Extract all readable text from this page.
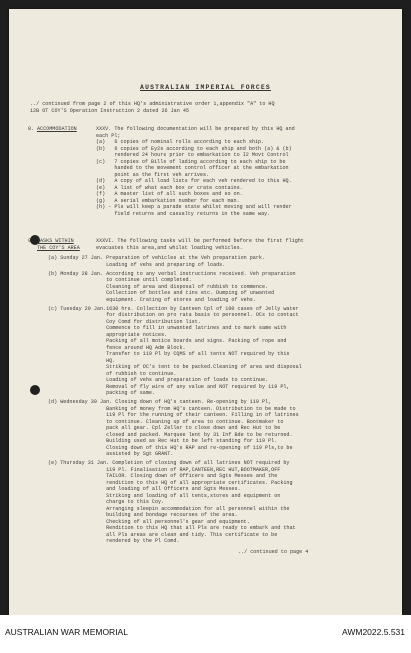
AUSTRALIAN IMPERIAL FORCES
../ continued from page 2 of this HQ's administrative order 1,appendix "A" to HQ
12B OT COY'S Operation Instruction 2 dated 26 Jan 45
8. ACCOMMODATION	XXXV. The following documentation will be prepared by this HQ and
each Pl;
(a)   6 copies of nominal rolls according to each ship.
(b)   6 copies of Ey2s according to each ship and both (a) & (b)
rendered 24 hours prior to embarkation to I2 Movt Control
(c)   7 copies of Bills of lading according to each ship to be
handed to the movement control officer at the embarkation
point as the first veh arrives.
(d)   A copy of all load lists for each veh rendered to this HQ.
(e)   A list of what each box or crate contains.
(f)   A master list of all such boxes and so on.
(g)   A serial embarkation number for each man.
(h) - Pls will keep a parade state whilst moving and will render
field returns and casualty returns in the same way.
9. TASKS WITHIN
THE COY'S AREA
XXXVI. The following tasks will be performed before the first flight
evacuates this area,and whilst loading vehicles.
(a) Sunday 27 Jan. Preparation of vehicles at the Veh preparation park.
Loading of vehs and preparing of loads.
(b) Monday 28 Jan. According to any verbal instructions received. Veh preparation
to continue until completed.
Cleaning of area and disposal of rubbish to commence.
Collection of bottles and tins etc. Dumping of unwanted
equipment. Crating of stores and loading of vehs.
(c) Tuesday 29 Jan.1630 hrs. Collection by Canteen Cpl of 100 cases of Jelly water
for distribution on pro rata basis to personnel. OCs to contact
Coy Comd for distribution list.
Commence to fill in unwanted latrines and to mark same with
appropriate notices.
Packing of all motice boards and signs. Packing of rope and
fence around HQ Adm Block.
Transfer to 119 Pl by CQMS of all tents NOT required by this
HQ.
Striking of OC's tent to be packed.Cleaning of area and disposal
of rubbish to continue.
Loading of vehs and preparation of loads to continue.
Removal of fly wire of any value and NOT required by 119 Pl,
packing of same.
(d) Wednesday 30 Jan. Closing down of HQ's canteen. Re-opening by 119 Pl,
Banking of money from HQ's canteen. Distribution to be made to
119 Pl for the running of their canteen. Filling in of latrines
to continue. Cleaning up of area to continue. Bootmaker to
pack all gear. Cpl Zeller to close down and Rec Hut to be
closed and packed. Marquee lent by 31 Inf Bde to be returned.
Building used as Rec Hut to be left standing for 119 Pl.
Closing down of this HQ's RAP and re-opening of 119 Pls,to be
assisted by Sgt GRANT.
(e) Thursday 31 Jan. Completion of closing down of all latrines NOT required by
119 Pl. Finalisation of RAP,CANTEEN,REC HUT,BOOTMAKER,OFF
TAILOR. Closing down of Officers and Sgts Messes and the
rendition to this HQ of all appropriate certificates. Packing
and loading of all Officers and Sgts Messes.
Striking and loading of all tents,stores and equipment on
charge to this Coy.
Arranging sleepin accommodation for all personnel within the
building and bondage recourses of the area.
Checking of all personnel's gear and equipment.
Rendition to this HQ that all Pls are ready to embark and that
all Pls areas are clean and tidy. This certificate to be
rendered by the Pl Comd.
../ continued to page 4
AUSTRALIAN WAR MEMORIAL	AWM2022.5.531
